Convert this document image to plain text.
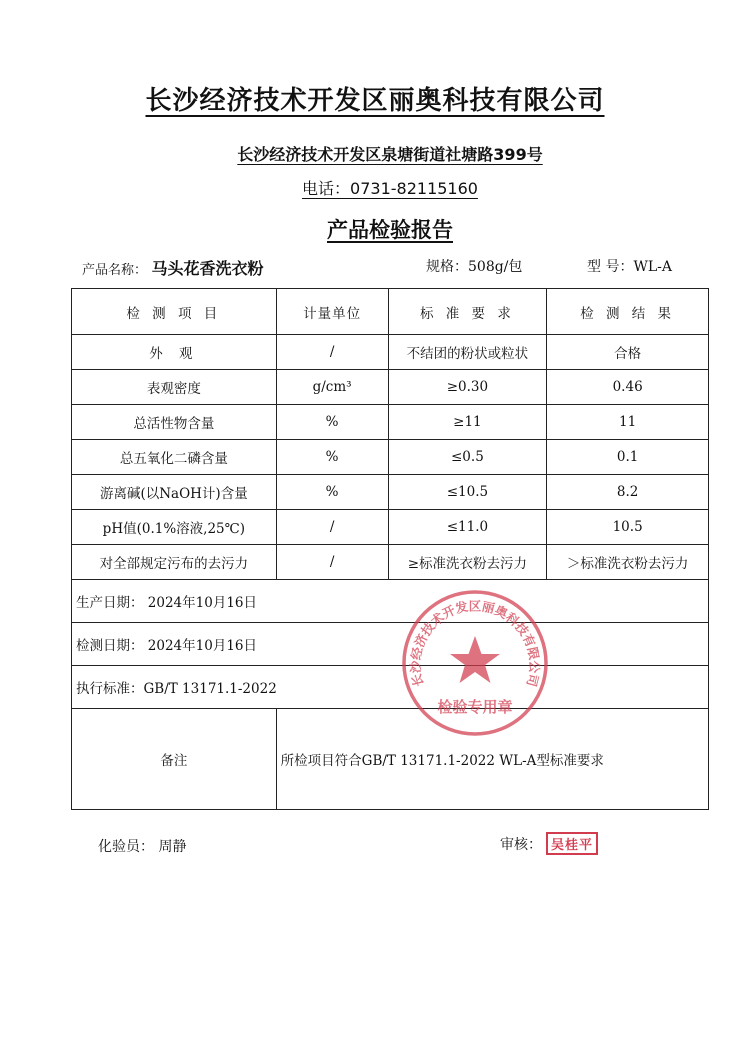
长沙经济技术开发区丽奥科技有限公司
长沙经济技术开发区泉塘街道社塘路399号
电话：0731-82115160
产品检验报告
产品名称： 马头花香洗衣粉	规格：508g/包	型 号：WL-A
检 测 项 目	计量单位	标 准 要 求	检 测 结 果
外 观	/	不结团的粉状或粒状	合格
表观密度	g/cm³	≥0.30	0.46
总活性物含量	%	≥11	11
总五氧化二磷含量	%	≤0.5	0.1
游离碱(以NaOH计)含量	%	≤10.5	8.2
pH值(0.1%溶液,25℃)	/	≤11.0	10.5
对全部规定污布的去污力	/	≥标准洗衣粉去污力	＞标准洗衣粉去污力
生产日期： 2024年10月16日			
检测日期： 2024年10月16日			
执行标准：GB/T 13171.1-2022			
备注	所检项目符合GB/T 13171.1-2022 WL-A型标准要求		
长沙经济技术开发区丽奥科技有限公司
检验专用章
化验员： 周静	审核： 吴桂平
